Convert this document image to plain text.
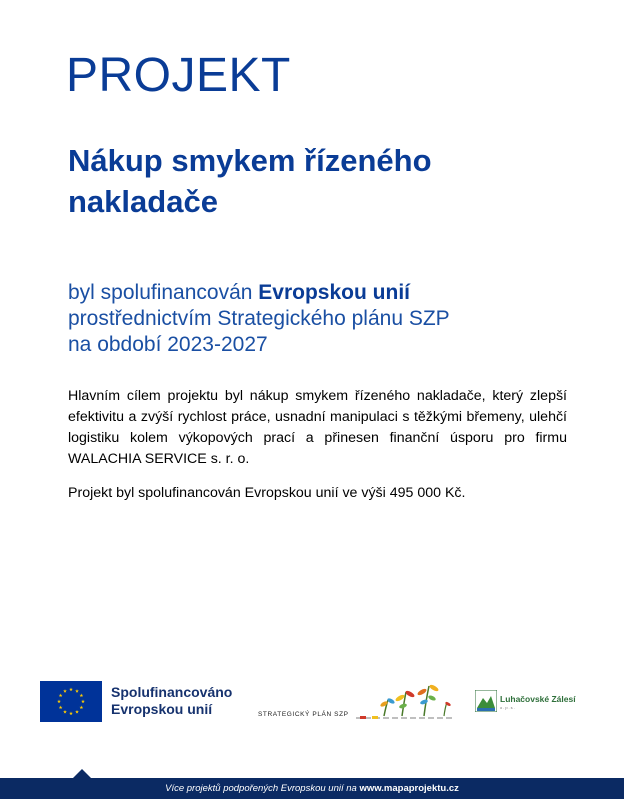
PROJEKT
Nákup smykem řízeného nakladače
byl spolufinancován Evropskou unií
prostřednictvím Strategického plánu SZP
na období 2023-2027

Hlavním cílem projektu byl nákup smykem řízeného nakladače, který zlepší efektivitu a zvýší rychlost práce, usnadní manipulaci s těžkými břemeny, ulehčí logistiku kolem výkopových prací a přinesen finanční úsporu pro firmu WALACHIA SERVICE s. r. o.

Projekt byl spolufinancován Evropskou unií ve výši 495 000 Kč.

Spolufinancováno
Evropskou unií	STRATEGICKÝ PLÁN SZP
Luhačovské Zálesí
o.p.s.
Více projektů podpořených Evropskou unií na www.mapaprojektu.cz
